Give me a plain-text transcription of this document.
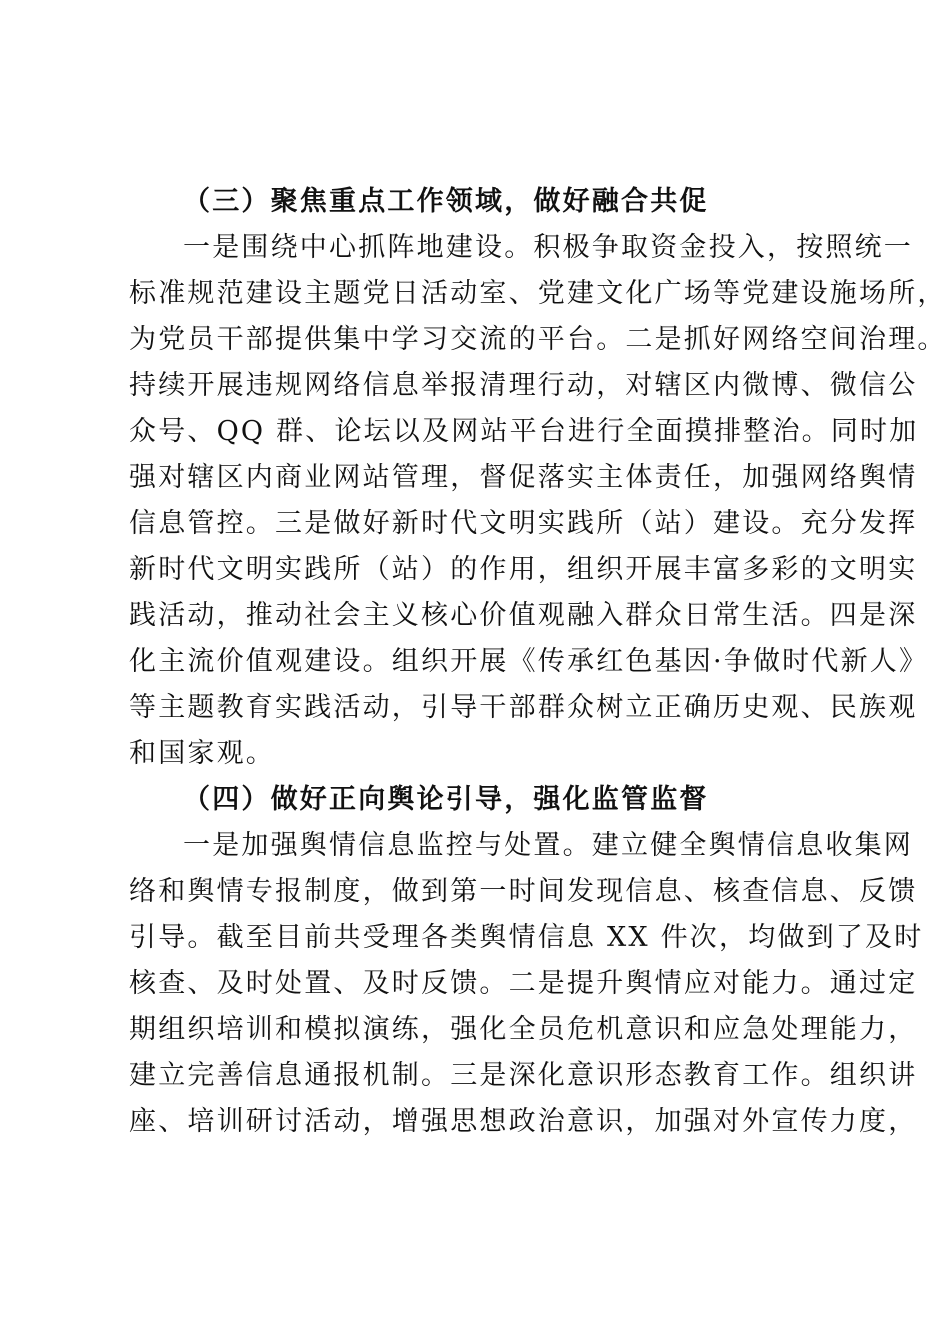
（三）聚焦重点工作领域，做好融合共促
一是围绕中心抓阵地建设。积极争取资金投入，按照统一
标准规范建设主题党日活动室、党建文化广场等党建设施场所，
为党员干部提供集中学习交流的平台。二是抓好网络空间治理。
持续开展违规网络信息举报清理行动，对辖区内微博、微信公
众号、QQ 群、论坛以及网站平台进行全面摸排整治。同时加
强对辖区内商业网站管理，督促落实主体责任，加强网络舆情
信息管控。三是做好新时代文明实践所（站）建设。充分发挥
新时代文明实践所（站）的作用，组织开展丰富多彩的文明实
践活动，推动社会主义核心价值观融入群众日常生活。四是深
化主流价值观建设。组织开展《传承红色基因·争做时代新人》
等主题教育实践活动，引导干部群众树立正确历史观、民族观
和国家观。
（四）做好正向舆论引导，强化监管监督
一是加强舆情信息监控与处置。建立健全舆情信息收集网
络和舆情专报制度，做到第一时间发现信息、核查信息、反馈
引导。截至目前共受理各类舆情信息 XX 件次，均做到了及时
核查、及时处置、及时反馈。二是提升舆情应对能力。通过定
期组织培训和模拟演练，强化全员危机意识和应急处理能力，
建立完善信息通报机制。三是深化意识形态教育工作。组织讲
座、培训研讨活动，增强思想政治意识，加强对外宣传力度，
